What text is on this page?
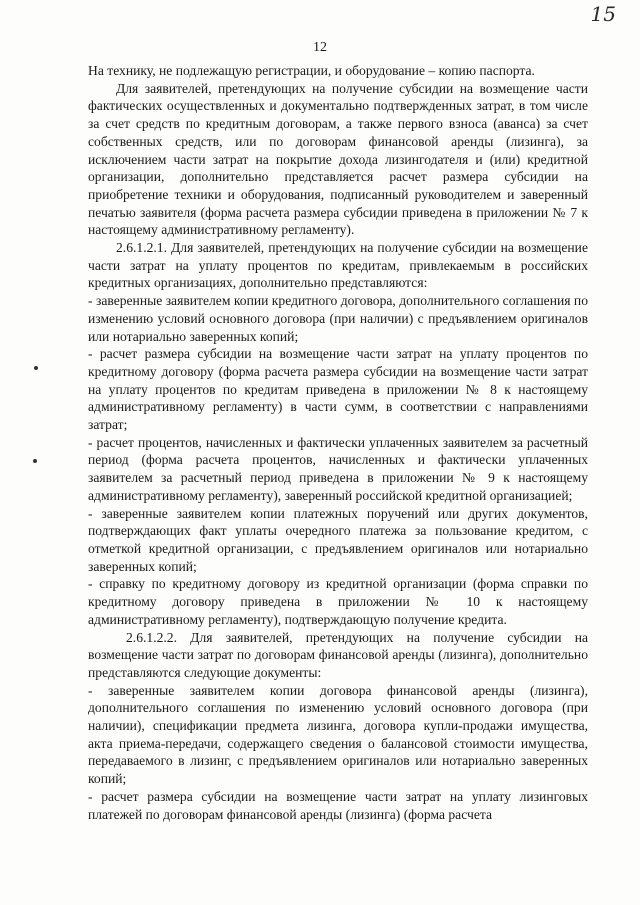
15
12

На технику, не подлежащую регистрации, и оборудование – копию паспорта.

Для заявителей, претендующих на получение субсидии на возмещение части фактических осуществленных и документально подтвержденных затрат, в том числе за счет средств по кредитным договорам, а также первого взноса (аванса) за счет собственных средств, или по договорам финансовой аренды (лизинга), за исключением части затрат на покрытие дохода лизингодателя и (или) кредитной организации, дополнительно представляется расчет размера субсидии на приобретение техники и оборудования, подписанный руководителем и заверенный печатью заявителя (форма расчета размера субсидии приведена в приложении № 7 к настоящему административному регламенту).

2.6.1.2.1. Для заявителей, претендующих на получение субсидии на возмещение части затрат на уплату процентов по кредитам, привлекаемым в российских кредитных организациях, дополнительно представляются:

- заверенные заявителем копии кредитного договора, дополнительного соглашения по изменению условий основного договора (при наличии) с предъявлением оригиналов или нотариально заверенных копий;

- расчет размера субсидии на возмещение части затрат на уплату процентов по кредитному договору (форма расчета размера субсидии на возмещение части затрат на уплату процентов по кредитам приведена в приложении № 8 к настоящему административному регламенту) в части сумм, в соответствии с направлениями затрат;

- расчет процентов, начисленных и фактически уплаченных заявителем за расчетный период (форма расчета процентов, начисленных и фактически уплаченных заявителем за расчетный период приведена в приложении № 9 к настоящему административному регламенту), заверенный российской кредитной организацией;

- заверенные заявителем копии платежных поручений или других документов, подтверждающих факт уплаты очередного платежа за пользование кредитом, с отметкой кредитной организации, с предъявлением оригиналов или нотариально заверенных копий;

- справку по кредитному договору из кредитной организации (форма справки по кредитному договору приведена в приложении № 10 к настоящему административному регламенту), подтверждающую получение кредита.

2.6.1.2.2. Для заявителей, претендующих на получение субсидии на возмещение части затрат по договорам финансовой аренды (лизинга), дополнительно представляются следующие документы:

- заверенные заявителем копии договора финансовой аренды (лизинга), дополнительного соглашения по изменению условий основного договора (при наличии), спецификации предмета лизинга, договора купли-продажи имущества, акта приема-передачи, содержащего сведения о балансовой стоимости имущества, передаваемого в лизинг, с предъявлением оригиналов или нотариально заверенных копий;

- расчет размера субсидии на возмещение части затрат на уплату лизинговых платежей по договорам финансовой аренды (лизинга) (форма расчета
